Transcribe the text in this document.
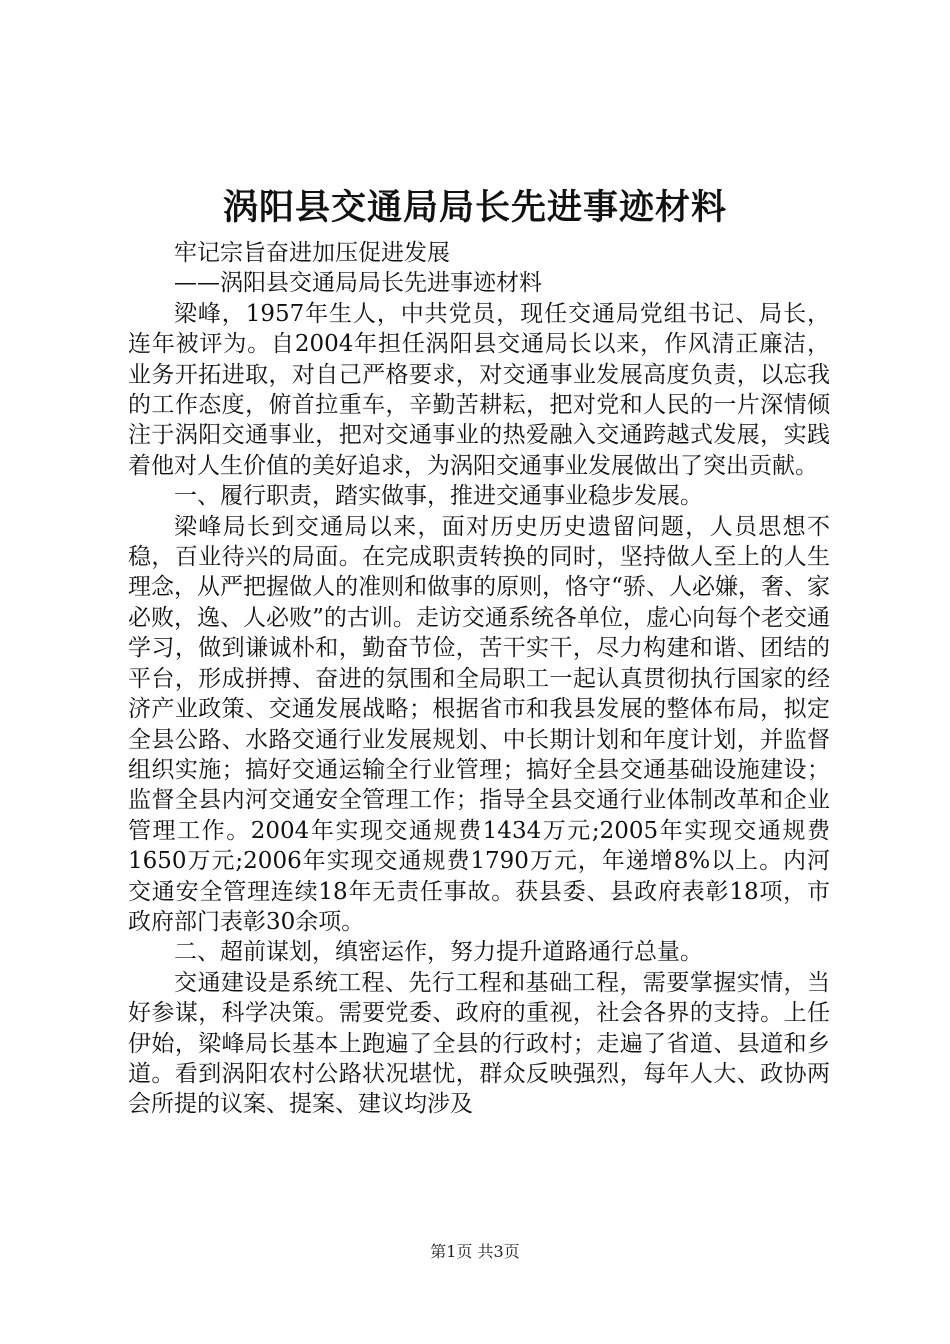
涡阳县交通局局长先进事迹材料

牢记宗旨奋进加压促进发展

——涡阳县交通局局长先进事迹材料

梁峰，1957年生人，中共党员，现任交通局党组书记、局长，连年被评为。自2004年担任涡阳县交通局长以来，作风清正廉洁，业务开拓进取，对自己严格要求，对交通事业发展高度负责，以忘我的工作态度，俯首拉重车，辛勤苦耕耘，把对党和人民的一片深情倾注于涡阳交通事业，把对交通事业的热爱融入交通跨越式发展，实践着他对人生价值的美好追求，为涡阳交通事业发展做出了突出贡献。

一、履行职责，踏实做事，推进交通事业稳步发展。

梁峰局长到交通局以来，面对历史历史遗留问题，人员思想不稳，百业待兴的局面。在完成职责转换的同时，坚持做人至上的人生理念，从严把握做人的准则和做事的原则，恪守“骄、人必嫌，奢、家必败，逸、人必败”的古训。走访交通系统各单位，虚心向每个老交通学习，做到谦诚朴和，勤奋节俭，苦干实干，尽力构建和谐、团结的平台，形成拼搏、奋进的氛围和全局职工一起认真贯彻执行国家的经济产业政策、交通发展战略；根据省市和我县发展的整体布局，拟定全县公路、水路交通行业发展规划、中长期计划和年度计划，并监督组织实施；搞好交通运输全行业管理；搞好全县交通基础设施建设；监督全县内河交通安全管理工作；指导全县交通行业体制改革和企业管理工作。2004年实现交通规费1434万元;2005年实现交通规费1650万元;2006年实现交通规费1790万元，年递增8%以上。内河交通安全管理连续18年无责任事故。获县委、县政府表彰18项，市政府部门表彰30余项。

二、超前谋划，缜密运作，努力提升道路通行总量。

交通建设是系统工程、先行工程和基础工程，需要掌握实情，当好参谋，科学决策。需要党委、政府的重视，社会各界的支持。上任伊始，梁峰局长基本上跑遍了全县的行政村；走遍了省道、县道和乡道。看到涡阳农村公路状况堪忧，群众反映强烈，每年人大、政协两会所提的议案、提案、建议均涉及

第1页 共3页
